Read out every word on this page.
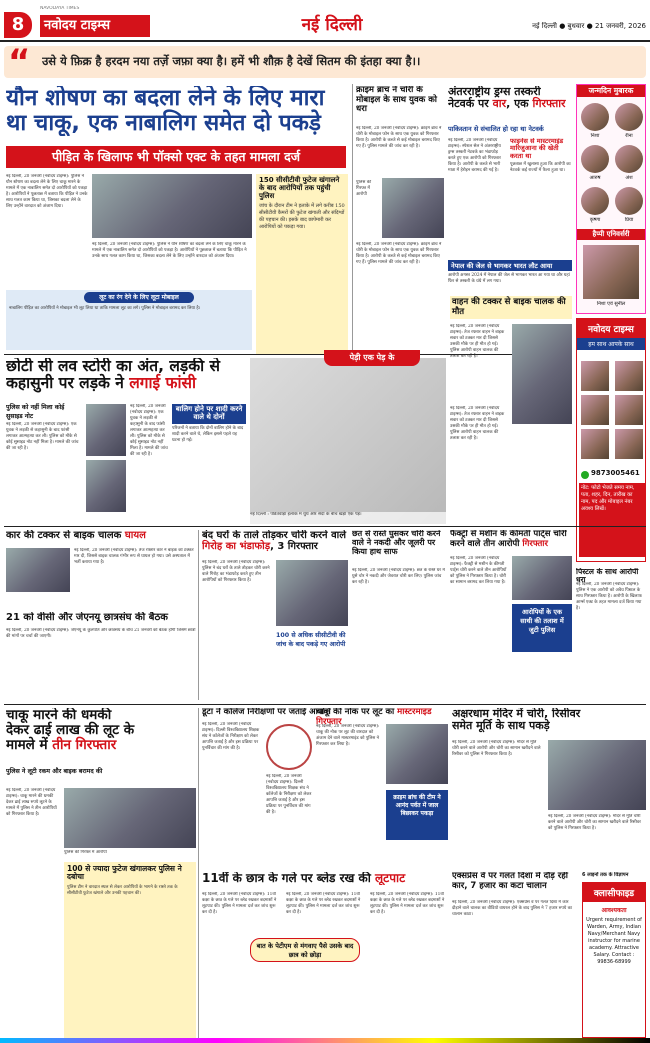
8
NAVODAYA TIMES
नवोदय टाइम्स	नई दिल्ली	नई दिल्ली ● बुधवार ● 21 जनवरी, 2026
“	उसे ये फ़िक्र है हरदम नया तर्ज़े जफ़ा क्या है। हमें भी शौक़ है देखें सितम की इंतहा क्या है।।
यौन शोषण का बदला लेने के लिए मारा
था चाकू, एक नाबालिग समेत दो पकड़े
पीड़ित के खिलाफ भी पॉक्सो एक्ट के तहत मामला दर्ज
नई दिल्ली, 20 जनवरी (नवोदय टाइम्स): पुलिस ने यौन शोषण का बदला लेने के लिए चाकू मारने के मामले में एक नाबालिग समेत दो आरोपियों को पकड़ा है। आरोपियों ने पूछताछ में बताया कि पीड़ित ने उनके साथ गलत काम किया था, जिसका बदला लेने के लिए उन्होंने वारदात को अंजाम दिया।
नई दिल्ली, 20 जनवरी (नवोदय टाइम्स): पुलिस ने यौन शोषण का बदला लेने के लिए चाकू मारने के मामले में एक नाबालिग समेत दो आरोपियों को पकड़ा है। आरोपियों ने पूछताछ में बताया कि पीड़ित ने उनके साथ गलत काम किया था, जिसका बदला लेने के लिए उन्होंने वारदात को अंजाम दिया।
150 सीसीटीवी फुटेज खंगालने के बाद आरोपियों तक पहुंची पुलिस
जांच के दौरान टीम ने इलाके में लगे करीब 150 सीसीटीवी कैमरों की फुटेज खंगाली और संदिग्धों की पहचान की। इसके बाद छापेमारी कर आरोपियों को पकड़ा गया।
लूट का रंग देने के लिए लूटा मोबाइल
नाबालिग पीड़ित का आरोपियों ने मोबाइल भी लूट लिया था ताकि मामला लूट का लगे। पुलिस ने मोबाइल बरामद कर लिया है।
क्राइम ब्रांच ने चोरी के मोबाइल के साथ युवक को धरा
नई दिल्ली, 20 जनवरी (नवोदय टाइम्स): क्राइम ब्रांच ने चोरी के मोबाइल फोन के साथ एक युवक को गिरफ्तार किया है। आरोपी के कब्जे से कई मोबाइल बरामद किए गए हैं। पुलिस मामले की जांच कर रही है।
पुलिस की गिरफ्त में आरोपी
नई दिल्ली, 20 जनवरी (नवोदय टाइम्स): क्राइम ब्रांच ने चोरी के मोबाइल फोन के साथ एक युवक को गिरफ्तार किया है। आरोपी के कब्जे से कई मोबाइल बरामद किए गए हैं। पुलिस मामले की जांच कर रही है।
अंतरराष्ट्रीय ड्रग्स तस्करी नेटवर्क पर वार, एक गिरफ्तार
पाकिस्तान से संचालित हो रहा था नेटवर्क
नई दिल्ली, 20 जनवरी (नवोदय टाइम्स): स्पेशल सेल ने अंतरराष्ट्रीय ड्रग्स तस्करी नेटवर्क का भंडाफोड़ करते हुए एक आरोपी को गिरफ्तार किया है। आरोपी के कब्जे से भारी मात्रा में हेरोइन बरामद की गई है।
फाइनेंस से मास्टरमाइंड मारिजुआना की खेती करता था
पूछताछ में खुलासा हुआ कि आरोपी का नेटवर्क कई राज्यों में फैला हुआ था।
नेपाल की जेल से भागकर भारत लौट आया
आरोपी अगस्त 2024 में नेपाल की जेल से भागकर भारत आ गया था और यहां फिर से तस्करी के धंधे में लग गया।
जन्मदिन मुबारक
निशा	रीना
आरुष	अंश
कृष्णा	प्रिया
हैप्पी एनिवर्सरी
निशा एवं सुनील
नवोदय टाइम्स
हम साथ आपके साथ
9873005461
नोट: फोटो भेजते समय नाम, पता, शहर, दिन, तारीख का नाम, पद और मोबाइल नंबर अवश्य लिखें।
छोटी सी लव स्टोरी का अंत, लड़की से
कहासुनी पर लड़के ने लगाई फांसी
पुलिस को नहीं मिला कोई सुसाइड नोट
नई दिल्ली, 20 जनवरी (नवोदय टाइम्स): एक युवक ने लड़की से कहासुनी के बाद फांसी लगाकर आत्महत्या कर ली। पुलिस को मौके से कोई सुसाइड नोट नहीं मिला है। मामले की जांच की जा रही है।
नई दिल्ली, 20 जनवरी (नवोदय टाइम्स): एक युवक ने लड़की से कहासुनी के बाद फांसी लगाकर आत्महत्या कर ली। पुलिस को मौके से कोई सुसाइड नोट नहीं मिला है। मामले की जांच की जा रही है।
बालिग होने पर शादी करने वाले थे दोनों
परिजनों ने बताया कि दोनों बालिग होने के बाद शादी करने वाले थे, लेकिन इससे पहले यह घटना हो गई।
पेड़ी एक पेड़ के
नई दिल्ली : पंडितवाड़ा इलाके में धुंध और सर्दी के बीच खड़ा एक पेड़।
वाहन की टक्कर से बाइक चालक की मौत
नई दिल्ली, 20 जनवरी (नवोदय टाइम्स): तेज रफ्तार वाहन ने बाइक सवार को टक्कर मार दी जिससे उसकी मौके पर ही मौत हो गई। पुलिस आरोपी वाहन चालक की तलाश कर रही है।
नई दिल्ली, 20 जनवरी (नवोदय टाइम्स): तेज रफ्तार वाहन ने बाइक सवार को टक्कर मार दी जिससे उसकी मौके पर ही मौत हो गई। पुलिस आरोपी वाहन चालक की तलाश कर रही है।
कार की टक्कर से बाइक चालक घायल
नई दिल्ली, 20 जनवरी (नवोदय टाइम्स): तेज रफ्तार कार ने बाइक को टक्कर मार दी, जिससे बाइक चालक गंभीर रूप से घायल हो गया। उसे अस्पताल में भर्ती कराया गया है।
21 को वीसी और जेएनयू छात्रसंघ की बैठक
नई दिल्ली, 20 जनवरी (नवोदय टाइम्स): जेएनयू के कुलपति और छात्रसंघ के बीच 21 जनवरी को बैठक होगी जिसमें छात्रों की मांगों पर चर्चा की जाएगी।
बंद घरों के ताले तोड़कर चोरी करने वाले गिरोह का भंडाफोड़, 3 गिरफ्तार
नई दिल्ली, 20 जनवरी (नवोदय टाइम्स): पुलिस ने बंद घरों के ताले तोड़कर चोरी करने वाले गिरोह का भंडाफोड़ करते हुए तीन आरोपियों को गिरफ्तार किया है।
100 से अधिक सीसीटीवी की जांच के बाद पकड़े गए आरोपी
छत से रास्ते घुसकर चोरी करने वाले ने नकदी और जूलरी पर किया हाथ साफ
नई दिल्ली, 20 जनवरी (नवोदय टाइम्स): छत के रास्ते घर में घुसे चोर ने नकदी और जेवरात चोरी कर लिए। पुलिस जांच कर रही है।
फैक्ट्री से मशीन के कीमती पार्ट्स चोरी करने वाले तीन आरोपी गिरफ्तार
नई दिल्ली, 20 जनवरी (नवोदय टाइम्स): फैक्ट्री से मशीन के कीमती पार्ट्स चोरी करने वाले तीन आरोपियों को पुलिस ने गिरफ्तार किया है। चोरी का सामान बरामद कर लिया गया है।
आरोपियों के एक साथी की तलाश में जुटी पुलिस
पिस्टल के साथ आरोपी धरा
नई दिल्ली, 20 जनवरी (नवोदय टाइम्स): पुलिस ने एक आरोपी को अवैध पिस्टल के साथ गिरफ्तार किया है। आरोपी के खिलाफ आर्म्स एक्ट के तहत मामला दर्ज किया गया है।
चाकू मारने की धमकी
देकर ढाई लाख की लूट के
मामले में तीन गिरफ्तार
पुलिस ने लूटी रकम और बाइक बरामद की
नई दिल्ली, 20 जनवरी (नवोदय टाइम्स): चाकू मारने की धमकी देकर ढाई लाख रुपये लूटने के मामले में पुलिस ने तीन आरोपियों को गिरफ्तार किया है।
पुलिस की गिरफ्त में आरोपी
100 से ज्यादा फुटेज खंगालकर पुलिस ने दबोचा
पुलिस टीम ने वारदात स्थल से लेकर आरोपियों के भागने के रास्ते तक के सीसीटीवी फुटेज खंगाले और उनकी पहचान की।
डूटा ने कॉलेज निरीक्षणों पर जताई आपत्ति
नई दिल्ली, 20 जनवरी (नवोदय टाइम्स): दिल्ली विश्वविद्यालय शिक्षक संघ ने कॉलेजों के निरीक्षण को लेकर आपत्ति जताई है और इस प्रक्रिया पर पुनर्विचार की मांग की है।
नई दिल्ली, 20 जनवरी (नवोदय टाइम्स): दिल्ली विश्वविद्यालय शिक्षक संघ ने कॉलेजों के निरीक्षण को लेकर आपत्ति जताई है और इस प्रक्रिया पर पुनर्विचार की मांग की है।
चाकू की नोक पर लूट का मास्टरमाइंड गिरफ्तार
नई दिल्ली, 20 जनवरी (नवोदय टाइम्स): चाकू की नोक पर लूट की वारदात को अंजाम देने वाले मास्टरमाइंड को पुलिस ने गिरफ्तार कर लिया है।
क्राइम ब्रांच की टीम ने आनंद पर्वत में जाल बिछाकर पकड़ा
अक्षरधाम मंदिर में चोरी, रिसीवर
समेत मूर्ति के साथ पकड़े
नई दिल्ली, 20 जनवरी (नवोदय टाइम्स): मंदिर से मूर्ति चोरी करने वाले आरोपी और चोरी का सामान खरीदने वाले रिसीवर को पुलिस ने गिरफ्तार किया है।
नई दिल्ली, 20 जनवरी (नवोदय टाइम्स): मंदिर से मूर्ति चोरी करने वाले आरोपी और चोरी का सामान खरीदने वाले रिसीवर को पुलिस ने गिरफ्तार किया है।
11वीं के छात्र के गले पर ब्लेड रख की लूटपाट
नई दिल्ली, 20 जनवरी (नवोदय टाइम्स): 11वीं कक्षा के छात्र के गले पर ब्लेड रखकर बदमाशों ने लूटपाट की। पुलिस ने मामला दर्ज कर जांच शुरू कर दी है।
नई दिल्ली, 20 जनवरी (नवोदय टाइम्स): 11वीं कक्षा के छात्र के गले पर ब्लेड रखकर बदमाशों ने लूटपाट की। पुलिस ने मामला दर्ज कर जांच शुरू कर दी है।
बात के पेटीएम से मंगवाए पैसे उसके बाद छात्र को छोड़ा
नई दिल्ली, 20 जनवरी (नवोदय टाइम्स): 11वीं कक्षा के छात्र के गले पर ब्लेड रखकर बदमाशों ने लूटपाट की। पुलिस ने मामला दर्ज कर जांच शुरू कर दी है।
एक्सप्रेस वे पर गलत दिशा में दौड़ रही कार, 7 हजार का कटा चालान
नई दिल्ली, 20 जनवरी (नवोदय टाइम्स): एक्सप्रेस वे पर गलत दिशा में कार दौड़ाने वाले चालक का वीडियो वायरल होने के बाद पुलिस ने 7 हजार रुपये का चालान काटा।
6 लाइनों तक के विज्ञापन
क्लासीफाइड
आवश्यकता
Urgent requirement of Warden, Army, Indian Navy/Merchant Navy instructor for marine academy. Attractive Salary. Contact : 99836-68999
